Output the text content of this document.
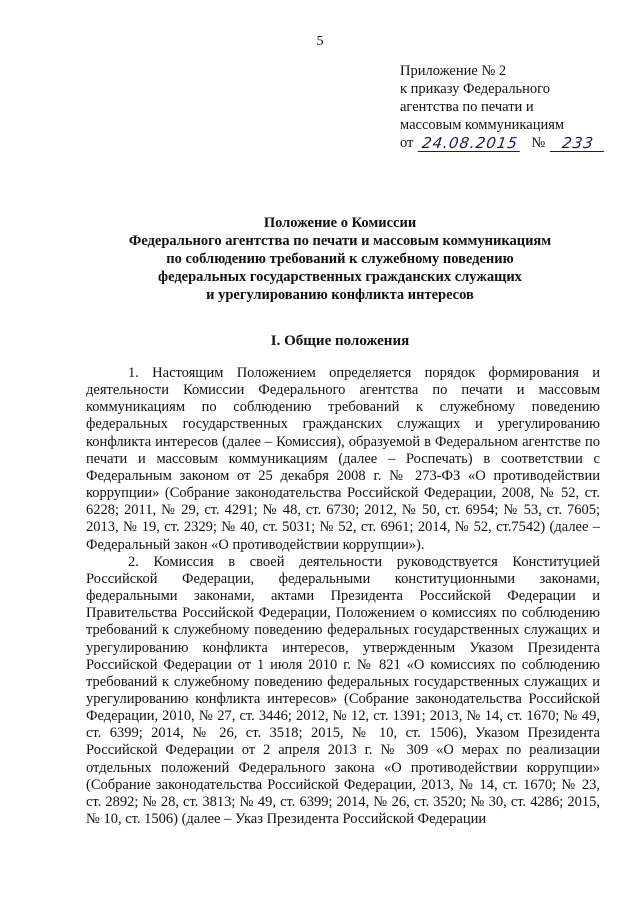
5
Приложение № 2
к приказу Федерального
агентства по печати и
массовым коммуникациям
от 24.08.2015 №	233
Положение о Комиссии
Федерального агентства по печати и массовым коммуникациям
по соблюдению требований к служебному поведению
федеральных государственных гражданских служащих
и урегулированию конфликта интересов
I. Общие положения

1. Настоящим Положением определяется порядок формирования и деятельности Комиссии Федерального агентства по печати и массовым коммуникациям по соблюдению требований к служебному поведению федеральных государственных гражданских служащих и урегулированию конфликта интересов (далее – Комиссия), образуемой в Федеральном агентстве по печати и массовым коммуникациям (далее – Роспечать) в соответствии с Федеральным законом от 25 декабря 2008 г. № 273-ФЗ «О противодействии коррупции» (Собрание законодательства Российской Федерации, 2008, № 52, ст. 6228; 2011, № 29, ст. 4291; № 48, ст. 6730; 2012, № 50, ст. 6954; № 53, ст. 7605; 2013, № 19, ст. 2329; № 40, ст. 5031; № 52, ст. 6961; 2014, № 52, ст.7542) (далее – Федеральный закон «О противодействии коррупции»).

2. Комиссия в своей деятельности руководствуется Конституцией Российской Федерации, федеральными конституционными законами, федеральными законами, актами Президента Российской Федерации и Правительства Российской Федерации, Положением о комиссиях по соблюдению требований к служебному поведению федеральных государственных служащих и урегулированию конфликта интересов, утвержденным Указом Президента Российской Федерации от 1 июля 2010 г. № 821 «О комиссиях по соблюдению требований к служебному поведению федеральных государственных служащих и урегулированию конфликта интересов» (Собрание законодательства Российской Федерации, 2010, № 27, ст. 3446; 2012, № 12, ст. 1391; 2013, № 14, ст. 1670; № 49, ст. 6399; 2014, № 26, ст. 3518; 2015, № 10, ст. 1506), Указом Президента Российской Федерации от 2 апреля 2013 г. № 309 «О мерах по реализации отдельных положений Федерального закона «О противодействии коррупции» (Собрание законодательства Российской Федерации, 2013, № 14, ст. 1670; № 23, ст. 2892; № 28, ст. 3813; № 49, ст. 6399; 2014, № 26, ст. 3520; № 30, ст. 4286; 2015, № 10, ст. 1506) (далее – Указ Президента Российской Федерации
